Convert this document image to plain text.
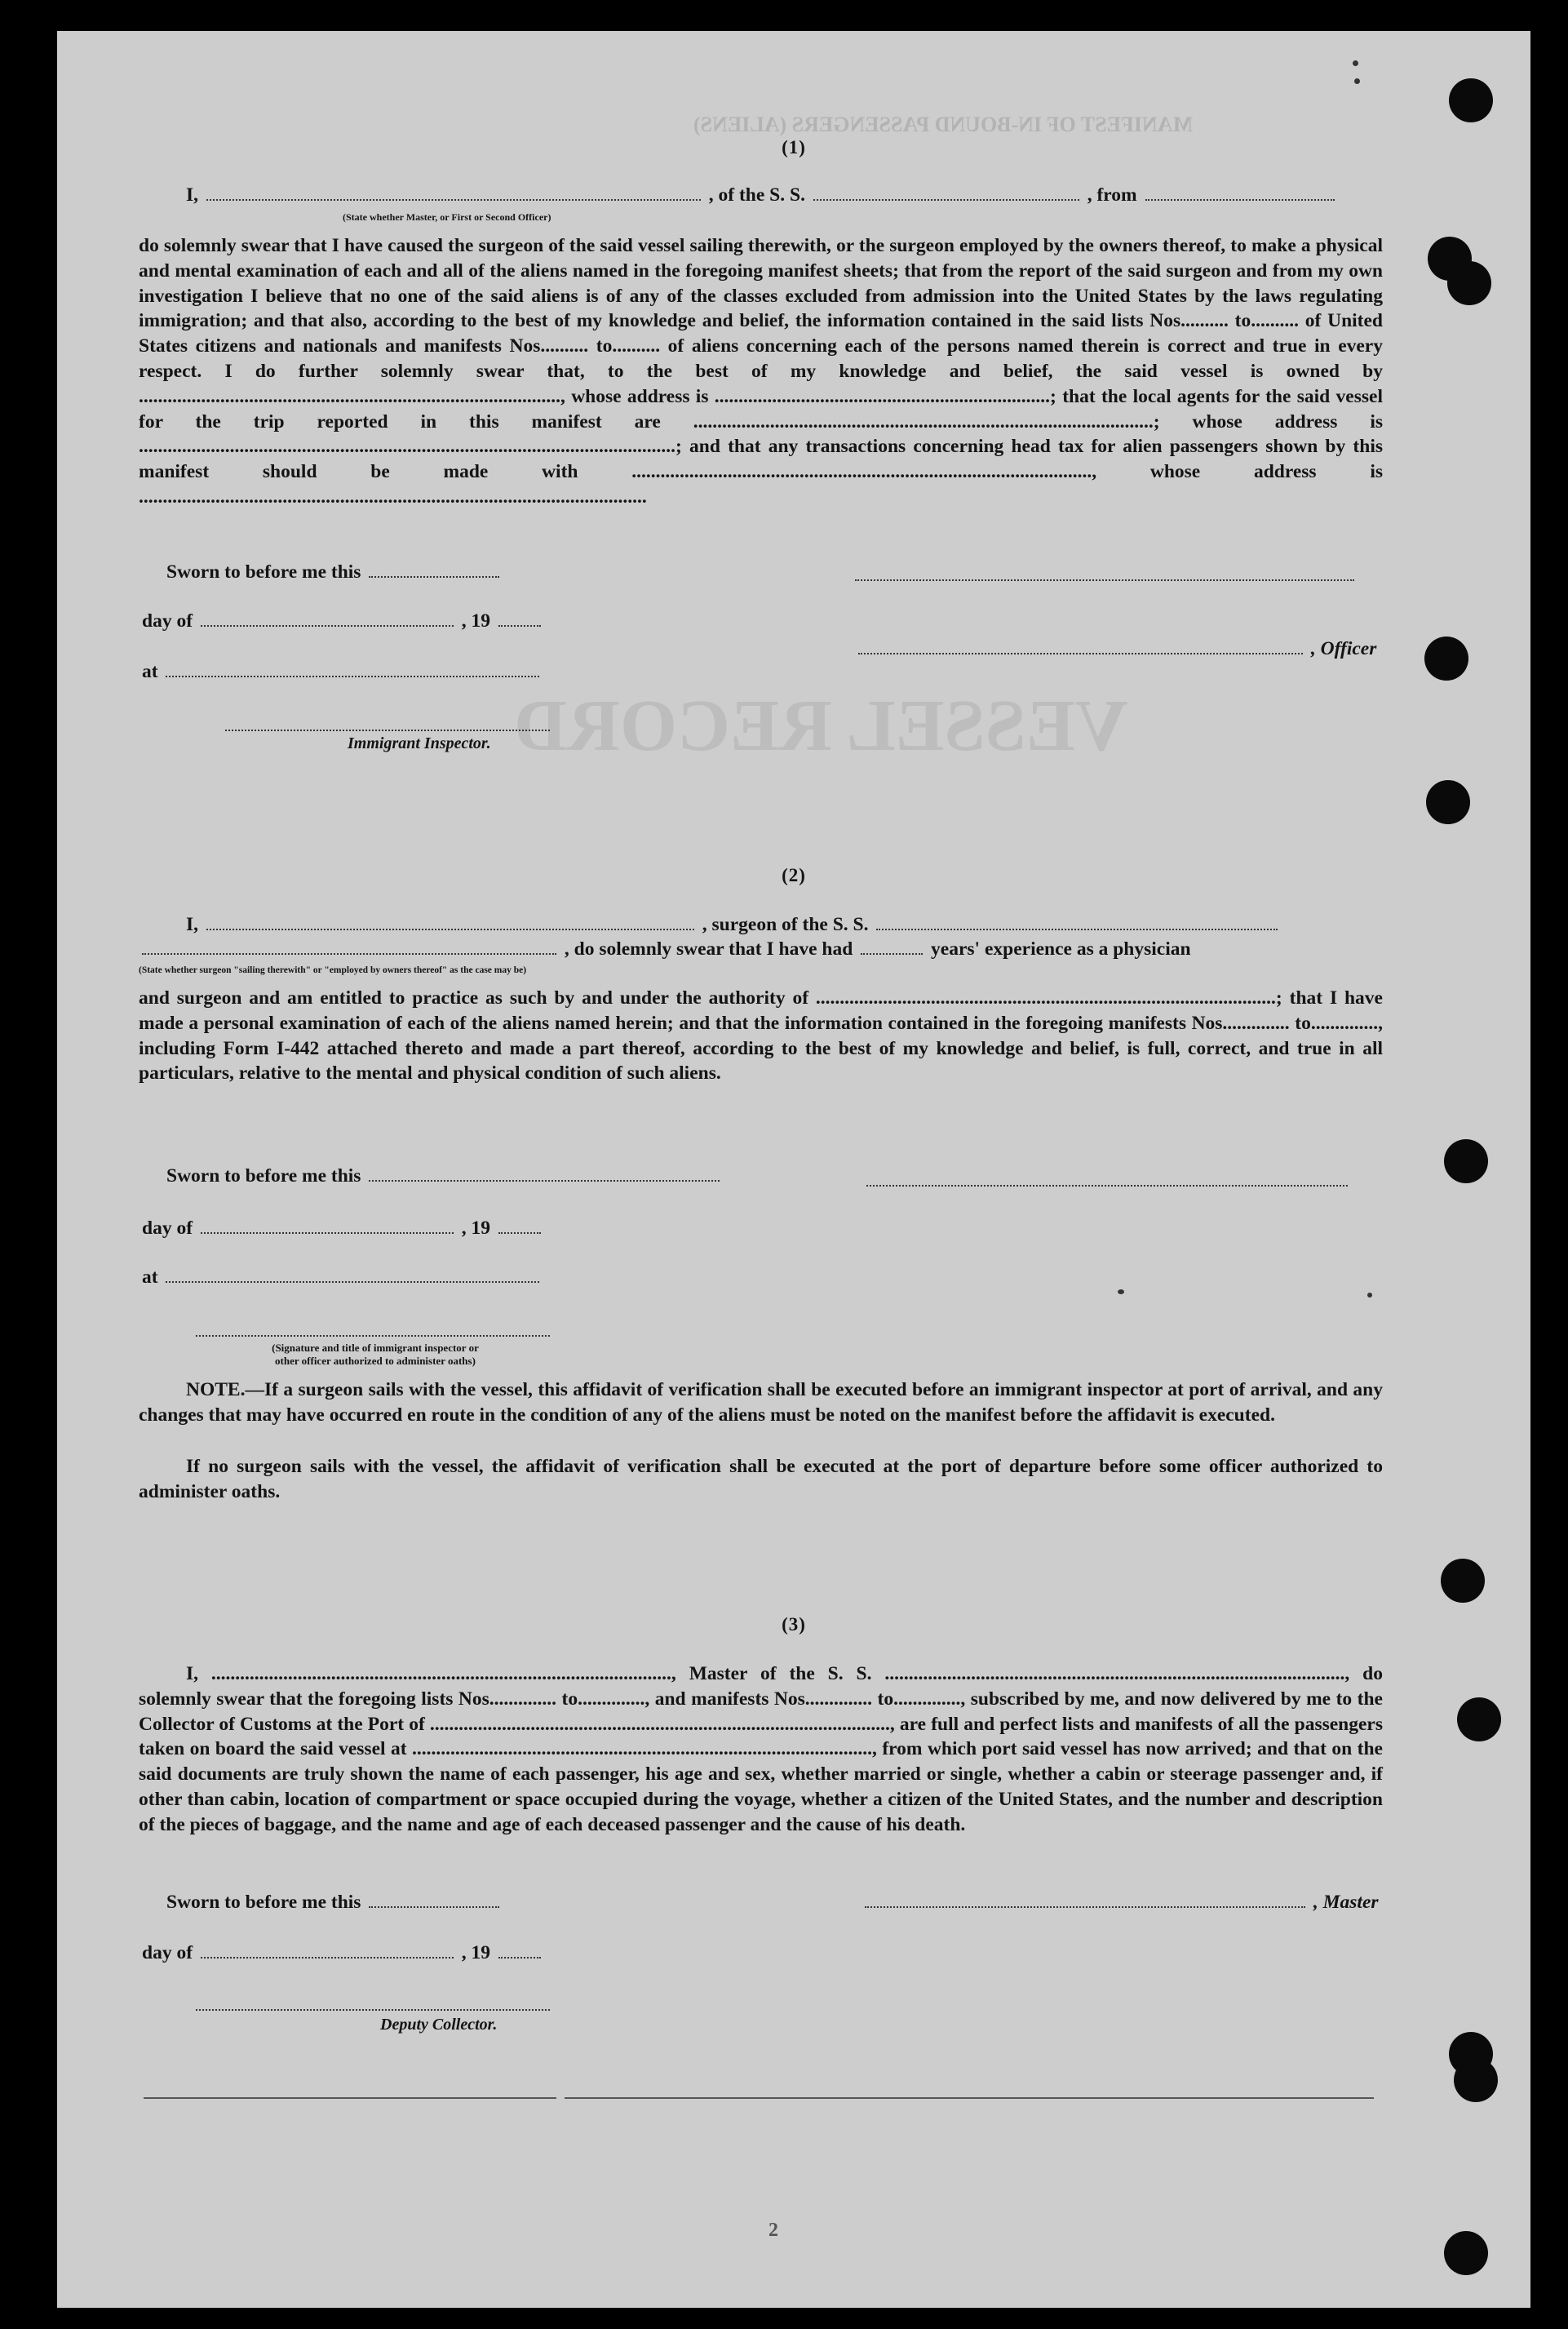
MANIFEST OF IN-BOUND PASSENGERS (ALIENS)
VESSEL RECORD
(1)
I,	, of the S. S.	, from
(State whether Master, or First or Second Officer)
do solemnly swear that I have caused the surgeon of the said vessel sailing therewith, or the surgeon employed by the owners thereof, to make a physical and mental examination of each and all of the aliens named in the foregoing manifest sheets; that from the report of the said surgeon and from my own investigation I believe that no one of the said aliens is of any of the classes excluded from admission into the United States by the laws regulating immigration; and that also, according to the best of my knowledge and belief, the information contained in the said lists Nos.......... to.......... of United States citizens and nationals and manifests Nos.......... to.......... of aliens concerning each of the persons named therein is correct and true in every respect. I do further solemnly swear that, to the best of my knowledge and belief, the said vessel is owned by ........................................................................................, whose address is ......................................................................; that the local agents for the said vessel for the trip reported in this manifest are ................................................................................................; whose address is ................................................................................................................; and that any transactions concerning head tax for alien passengers shown by this manifest should be made with ................................................................................................, whose address is ..........................................................................................................
Sworn to before me this
day of	, 19
, Officer
at
Immigrant Inspector.
(2)
I,	, surgeon of the S. S.
, do solemnly swear that I have had	years' experience as a physician
(State whether surgeon "sailing therewith" or "employed by owners thereof" as the case may be)
and surgeon and am entitled to practice as such by and under the authority of ................................................................................................; that I have made a personal examination of each of the aliens named herein; and that the information contained in the foregoing manifests Nos.............. to.............., including Form I-442 attached thereto and made a part thereof, according to the best of my knowledge and belief, is full, correct, and true in all particulars, relative to the mental and physical condition of such aliens.
Sworn to before me this
day of	, 19
at
(Signature and title of immigrant inspector or
other officer authorized to administer oaths)
NOTE.—If a surgeon sails with the vessel, this affidavit of verification shall be executed before an immigrant inspector at port of arrival, and any changes that may have occurred en route in the condition of any of the aliens must be noted on the manifest before the affidavit is executed.
If no surgeon sails with the vessel, the affidavit of verification shall be executed at the port of departure before some officer authorized to administer oaths.
(3)
I, ................................................................................................, Master of the S. S. ................................................................................................, do solemnly swear that the foregoing lists Nos.............. to.............., and manifests Nos.............. to.............., subscribed by me, and now delivered by me to the Collector of Customs at the Port of ................................................................................................, are full and perfect lists and manifests of all the passengers taken on board the said vessel at ................................................................................................, from which port said vessel has now arrived; and that on the said documents are truly shown the name of each passenger, his age and sex, whether married or single, whether a cabin or steerage passenger and, if other than cabin, location of compartment or space occupied during the voyage, whether a citizen of the United States, and the number and description of the pieces of baggage, and the name and age of each deceased passenger and the cause of his death.
Sworn to before me this	, Master
day of	, 19
Deputy Collector.
2
